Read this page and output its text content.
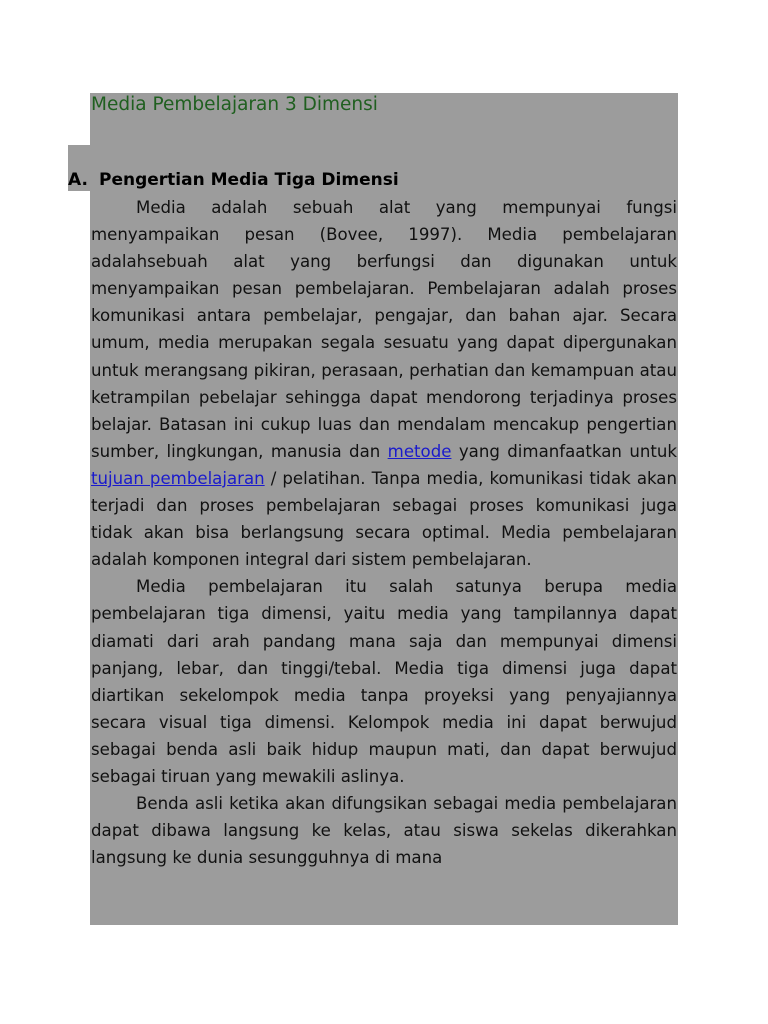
Media Pembelajaran 3 Dimensi
A. Pengertian Media Tiga Dimensi

Media adalah sebuah alat yang mempunyai fungsi menyampaikan pesan (Bovee, 1997). Media pembelajaran adalahsebuah alat yang berfungsi dan digunakan untuk menyampaikan pesan pembelajaran. Pembelajaran adalah proses komunikasi antara pembelajar, pengajar, dan bahan ajar. Secara umum, media merupakan segala sesuatu yang dapat dipergunakan untuk merangsang pikiran, perasaan, perhatian dan kemampuan atau ketrampilan pebelajar sehingga dapat mendorong terjadinya proses belajar. Batasan ini cukup luas dan mendalam mencakup pengertian sumber, lingkungan, manusia dan metode yang dimanfaatkan untuk tujuan pembelajaran / pelatihan. Tanpa media, komunikasi tidak akan terjadi dan proses pembelajaran sebagai proses komunikasi juga tidak akan bisa berlangsung secara optimal. Media pembelajaran adalah komponen integral dari sistem pembelajaran.

Media pembelajaran itu salah satunya berupa media pembelajaran tiga dimensi, yaitu media yang tampilannya dapat diamati dari arah pandang mana saja dan mempunyai dimensi panjang, lebar, dan tinggi/tebal. Media tiga dimensi juga dapat diartikan sekelompok media tanpa proyeksi yang penyajiannya secara visual tiga dimensi. Kelompok media ini dapat berwujud sebagai benda asli baik hidup maupun mati, dan dapat berwujud sebagai tiruan yang mewakili aslinya.

Benda asli ketika akan difungsikan sebagai media pembelajaran dapat dibawa langsung ke kelas, atau siswa sekelas dikerahkan langsung ke dunia sesungguhnya di mana
